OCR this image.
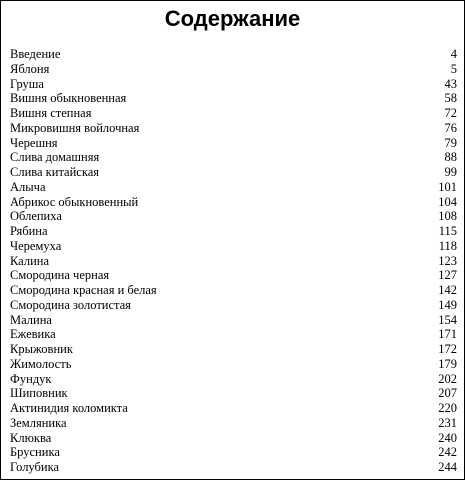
Содержание
Введение	4
Яблоня	5
Груша	43
Вишня обыкновенная	58
Вишня степная	72
Микровишня войлочная	76
Черешня	79
Слива домашняя	88
Слива китайская	99
Алыча	101
Абрикос обыкновенный	104
Облепиха	108
Рябина	115
Черемуха	118
Калина	123
Смородина черная	127
Смородина красная и белая	142
Смородина золотистая	149
Малина	154
Ежевика	171
Крыжовник	172
Жимолость	179
Фундук	202
Шиповник	207
Актинидия коломикта	220
Земляника	231
Клюква	240
Брусника	242
Голубика	244
